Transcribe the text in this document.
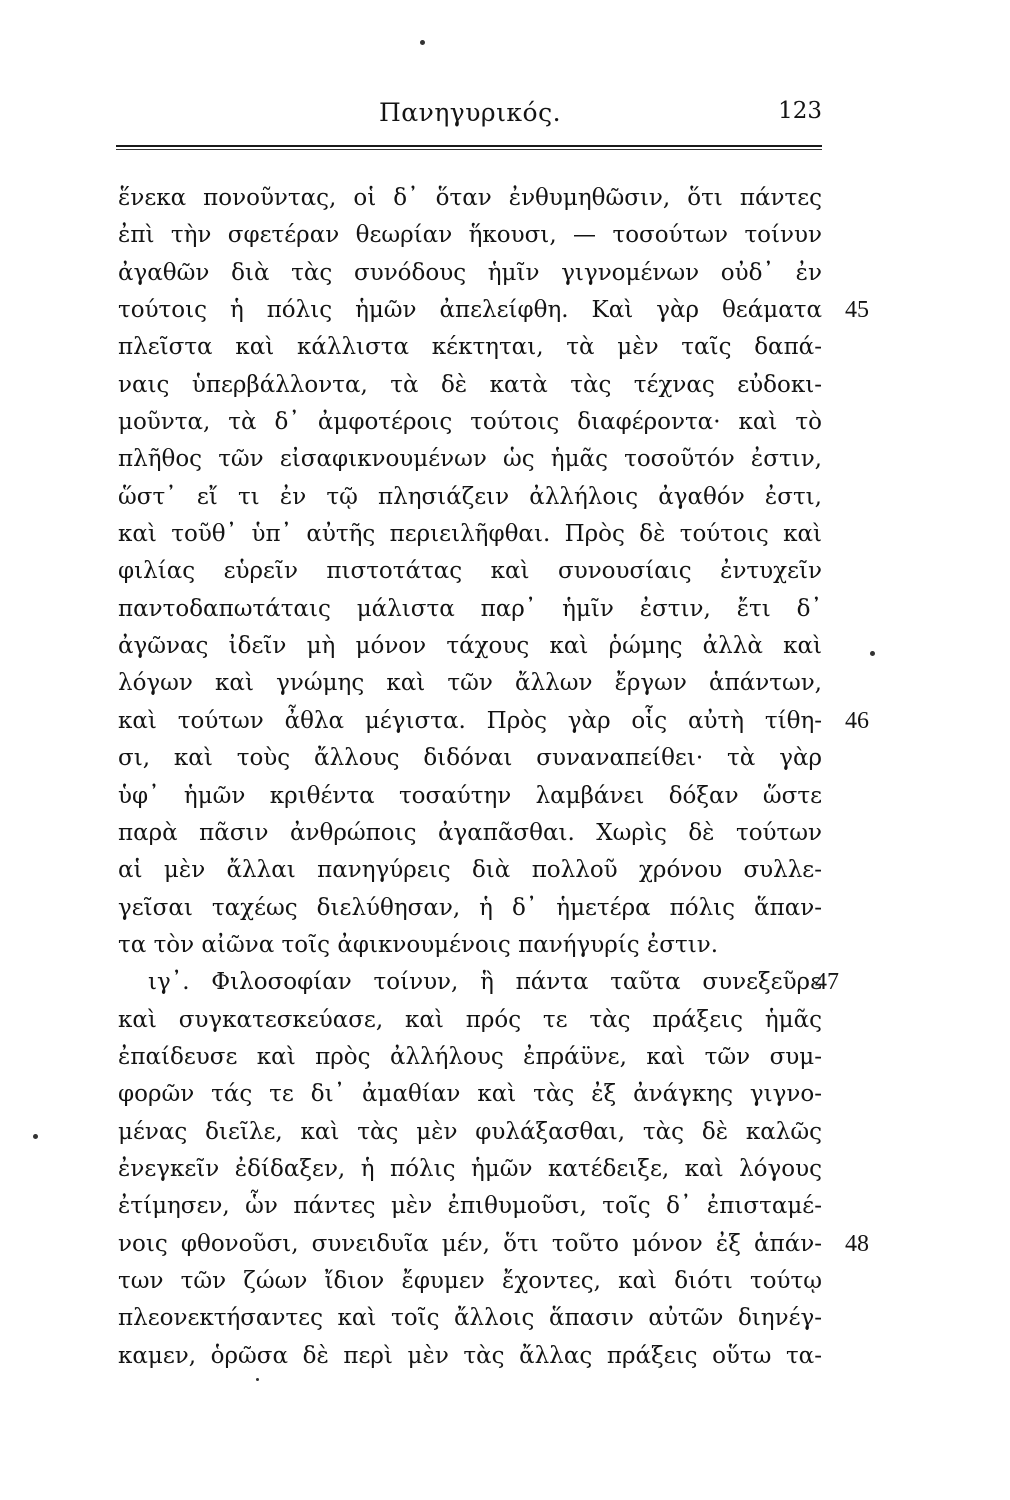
Πανηγυρικός.	123
ἕνεκα πονοῦντας, οἱ δ᾽ ὅταν ἐνθυμηθῶσιν, ὅτι πάντες
ἐπὶ τὴν σφετέραν θεωρίαν ἥκουσι, — τοσούτων τοίνυν
ἀγαθῶν διὰ τὰς συνόδους ἡμῖν γιγνομένων οὐδ᾽ ἐν
τούτοις ἡ πόλις ἡμῶν ἀπελείφθη. Καὶ γὰρ θεάματα 45
πλεῖστα καὶ κάλλιστα κέκτηται, τὰ μὲν ταῖς δαπά-
ναις ὑπερβάλλοντα, τὰ δὲ κατὰ τὰς τέχνας εὐδοκι-
μοῦντα, τὰ δ᾽ ἀμφοτέροις τούτοις διαφέροντα· καὶ τὸ
πλῆθος τῶν εἰσαφικνουμένων ὡς ἡμᾶς τοσοῦτόν ἐστιν,
ὥστ᾽ εἴ τι ἐν τῷ πλησιάζειν ἀλλήλοις ἀγαθόν ἐστι,
καὶ τοῦθ᾽ ὑπ᾽ αὐτῆς περιειλῆφθαι. Πρὸς δὲ τούτοις καὶ
φιλίας εὑρεῖν πιστοτάτας καὶ συνουσίαις ἐντυχεῖν
παντοδαπωτάταις μάλιστα παρ᾽ ἡμῖν ἐστιν, ἔτι δ᾽
ἀγῶνας ἰδεῖν μὴ μόνον τάχους καὶ ῥώμης ἀλλὰ καὶ
λόγων καὶ γνώμης καὶ τῶν ἄλλων ἔργων ἁπάντων,
καὶ τούτων ἆθλα μέγιστα. Πρὸς γὰρ οἷς αὐτὴ τίθη- 46
σι, καὶ τοὺς ἄλλους διδόναι συναναπείθει· τὰ γὰρ
ὑφ᾽ ἡμῶν κριθέντα τοσαύτην λαμβάνει δόξαν ὥστε
παρὰ πᾶσιν ἀνθρώποις ἀγαπᾶσθαι. Χωρὶς δὲ τούτων
αἱ μὲν ἄλλαι πανηγύρεις διὰ πολλοῦ χρόνου συλλε-
γεῖσαι ταχέως διελύθησαν, ἡ δ᾽ ἡμετέρα πόλις ἅπαν-
τα τὸν αἰῶνα τοῖς ἀφικνουμένοις πανήγυρίς ἐστιν.
ιγ᾽. Φιλοσοφίαν τοίνυν, ἣ πάντα ταῦτα συνεξεῦρε
47
καὶ συγκατεσκεύασε, καὶ πρός τε τὰς πράξεις ἡμᾶς
ἐπαίδευσε καὶ πρὸς ἀλλήλους ἐπράϋνε, καὶ τῶν συμ-
φορῶν τάς τε δι᾽ ἀμαθίαν καὶ τὰς ἐξ ἀνάγκης γιγνο-
μένας διεῖλε, καὶ τὰς μὲν φυλάξασθαι, τὰς δὲ καλῶς
ἐνεγκεῖν ἐδίδαξεν, ἡ πόλις ἡμῶν κατέδειξε, καὶ λόγους
ἐτίμησεν, ὧν πάντες μὲν ἐπιθυμοῦσι, τοῖς δ᾽ ἐπισταμέ-
νοις φθονοῦσι, συνειδυῖα μέν, ὅτι τοῦτο μόνον ἐξ ἁπάν- 48
των τῶν ζώων ἴδιον ἔφυμεν ἔχοντες, καὶ διότι τούτῳ
πλεονεκτήσαντες καὶ τοῖς ἄλλοις ἅπασιν αὐτῶν διηνέγ-
καμεν, ὁρῶσα δὲ περὶ μὲν τὰς ἄλλας πράξεις οὕτω τα-
